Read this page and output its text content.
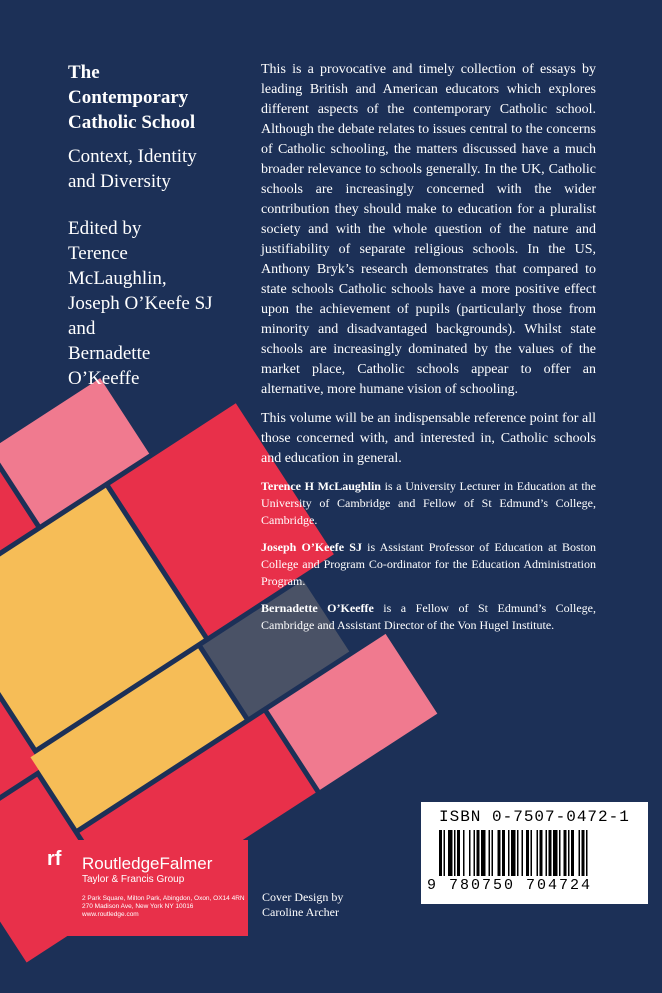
The
Contemporary
Catholic School
Context, Identity
and Diversity
Edited by
Terence
McLaughlin,
Joseph O’Keefe SJ
and
Bernadette
O’Keeffe

This is a provocative and timely collection of essays by leading British and American educators which explores different aspects of the contemporary Catholic school. Although the debate relates to issues central to the concerns of Catholic schooling, the matters discussed have a much broader relevance to schools generally. In the UK, Catholic schools are increasingly concerned with the wider contribution they should make to education for a pluralist society and with the whole question of the nature and justifiability of separate religious schools. In the US, Anthony Bryk’s research demonstrates that compared to state schools Catholic schools have a more positive effect upon the achievement of pupils (particularly those from minority and disadvantaged backgrounds). Whilst state schools are increasingly dominated by the values of the market place, Catholic schools appear to offer an alternative, more humane vision of schooling.

This volume will be an indispensable reference point for all those concerned with, and interested in, Catholic schools and education in general.

Terence H McLaughlin is a University Lecturer in Education at the University of Cambridge and Fellow of St Edmund’s College, Cambridge.

Joseph O’Keefe SJ is Assistant Professor of Education at Boston College and Program Co-ordinator for the Education Administration Program.

Bernadette O’Keeffe is a Fellow of St Edmund’s College, Cambridge and Assistant Director of the Von Hugel Institute.

ISBN 0-7507-0472-1
9 780750 704724
rf RoutledgeFalmer
Taylor & Francis Group
2 Park Square, Milton Park, Abingdon, Oxon, OX14 4RN
270 Madison Ave, New York NY 10016
www.routledge.com
Cover Design by
Caroline Archer
